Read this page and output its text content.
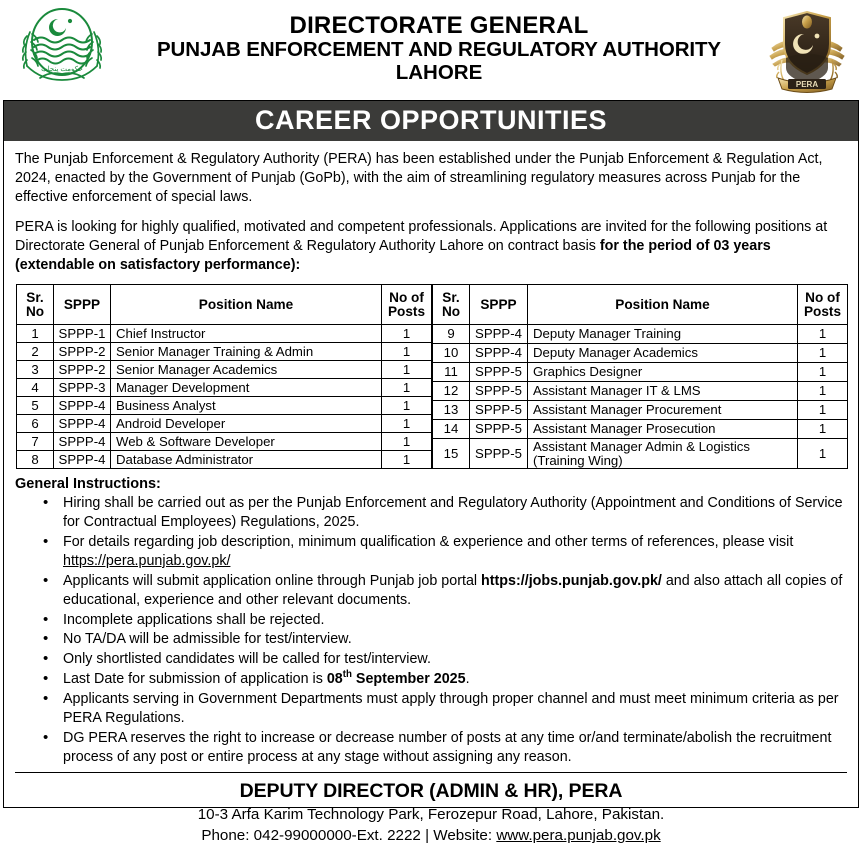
حکومت پنجاب
DIRECTORATE GENERAL
PUNJAB ENFORCEMENT AND REGULATORY AUTHORITY
LAHORE
PERA
CAREER OPPORTUNITIES

The Punjab Enforcement & Regulatory Authority (PERA) has been established under the Punjab Enforcement & Regulation Act, 2024, enacted by the Government of Punjab (GoPb), with the aim of streamlining regulatory measures across Punjab for the effective enforcement of special laws.

PERA is looking for highly qualified, motivated and competent professionals. Applications are invited for the following positions at Directorate General of Punjab Enforcement & Regulatory Authority Lahore on contract basis for the period of 03 years (extendable on satisfactory performance):

Sr.
No	SPPP	Position Name	No of
Posts
1	SPPP-1	Chief Instructor	1
2	SPPP-2	Senior Manager Training & Admin	1
3	SPPP-2	Senior Manager Academics	1
4	SPPP-3	Manager Development	1
5	SPPP-4	Business Analyst	1
6	SPPP-4	Android Developer	1
7	SPPP-4	Web & Software Developer	1
8	SPPP-4	Database Administrator	1
Sr.
No	SPPP	Position Name	No of
Posts
9	SPPP-4	Deputy Manager Training	1
10	SPPP-4	Deputy Manager Academics	1
11	SPPP-5	Graphics Designer	1
12	SPPP-5	Assistant Manager IT & LMS	1
13	SPPP-5	Assistant Manager Procurement	1
14	SPPP-5	Assistant Manager Prosecution	1
15	SPPP-5	Assistant Manager Admin & Logistics
(Training Wing)	1
General Instructions:
• Hiring shall be carried out as per the Punjab Enforcement and Regulatory Authority (Appointment and Conditions of Service for Contractual Employees) Regulations, 2025.
• For details regarding job description, minimum qualification & experience and other terms of references, please visit https://pera.punjab.gov.pk/
• Applicants will submit application online through Punjab job portal https://jobs.punjab.gov.pk/ and also attach all copies of educational, experience and other relevant documents.
• Incomplete applications shall be rejected.
• No TA/DA will be admissible for test/interview.
• Only shortlisted candidates will be called for test/interview.
• Last Date for submission of application is 08th September 2025.
• Applicants serving in Government Departments must apply through proper channel and must meet minimum criteria as per PERA Regulations.
• DG PERA reserves the right to increase or decrease number of posts at any time or/and terminate/abolish the recruitment process of any post or entire process at any stage without assigning any reason.
DEPUTY DIRECTOR (ADMIN & HR), PERA
10-3 Arfa Karim Technology Park, Ferozepur Road, Lahore, Pakistan.
Phone: 042-99000000-Ext. 2222 | Website: www.pera.punjab.gov.pk
